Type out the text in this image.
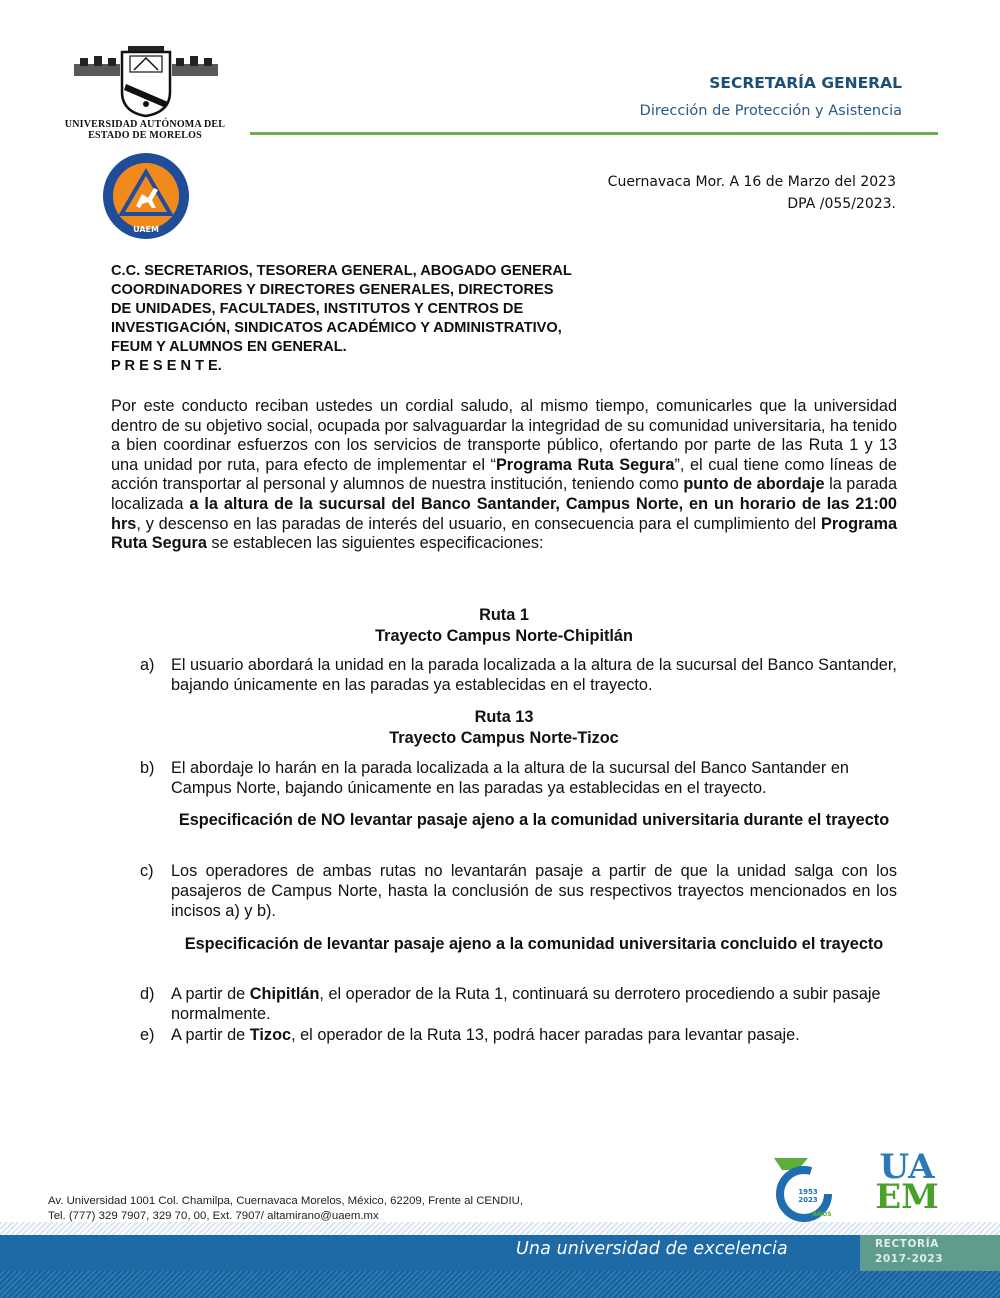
UNIVERSIDAD AUTÓNOMA DEL
ESTADO DE MORELOS
UAEM
SECRETARÍA GENERAL
Dirección de Protección y Asistencia
Cuernavaca Mor. A 16 de Marzo del 2023
DPA /055/2023.
C.C. SECRETARIOS, TESORERA GENERAL, ABOGADO GENERAL
COORDINADORES Y DIRECTORES GENERALES, DIRECTORES
DE UNIDADES, FACULTADES, INSTITUTOS Y CENTROS DE
INVESTIGACIÓN, SINDICATOS ACADÉMICO Y ADMINISTRATIVO,
FEUM Y ALUMNOS EN GENERAL.
P R E S E N T E.
Por este conducto reciban ustedes un cordial saludo, al mismo tiempo, comunicarles que la universidad dentro de su objetivo social, ocupada por salvaguardar la integridad de su comunidad universitaria, ha tenido a bien coordinar esfuerzos con los servicios de transporte público, ofertando por parte de las Ruta 1 y 13 una unidad por ruta, para efecto de implementar el “Programa Ruta Segura”, el cual tiene como líneas de acción transportar al personal y alumnos de nuestra institución, teniendo como punto de abordaje la parada localizada a la altura de la sucursal del Banco Santander, Campus Norte, en un horario de las 21:00 hrs, y descenso en las paradas de interés del usuario, en consecuencia para el cumplimiento del Programa Ruta Segura se establecen las siguientes especificaciones:
Ruta 1
Trayecto Campus Norte-Chipitlán
a) El usuario abordará la unidad en la parada localizada a la altura de la sucursal del Banco Santander, bajando únicamente en las paradas ya establecidas en el trayecto.
Ruta 13
Trayecto Campus Norte-Tizoc
b) El abordaje lo harán en la parada localizada a la altura de la sucursal del Banco Santander en Campus Norte, bajando únicamente en las paradas ya establecidas en el trayecto.
Especificación de NO levantar pasaje ajeno a la comunidad universitaria durante el trayecto
c) Los operadores de ambas rutas no levantarán pasaje a partir de que la unidad salga con los pasajeros de Campus Norte, hasta la conclusión de sus respectivos trayectos mencionados en los incisos a) y b).
Especificación de levantar pasaje ajeno a la comunidad universitaria concluido el trayecto
d) A partir de Chipitlán, el operador de la Ruta 1, continuará su derrotero procediendo a subir pasaje normalmente.
e) A partir de Tizoc, el operador de la Ruta 13, podrá hacer paradas para levantar pasaje.
Av. Universidad 1001 Col. Chamilpa, Cuernavaca Morelos, México, 62209, Frente al CENDIU,
Tel. (777) 329 7907, 329 70, 00, Ext. 7907/ altamirano@uaem.mx
1953
2023
AÑOS
UA
EM
Una universidad de excelencia	RECTORÍA
2017-2023
